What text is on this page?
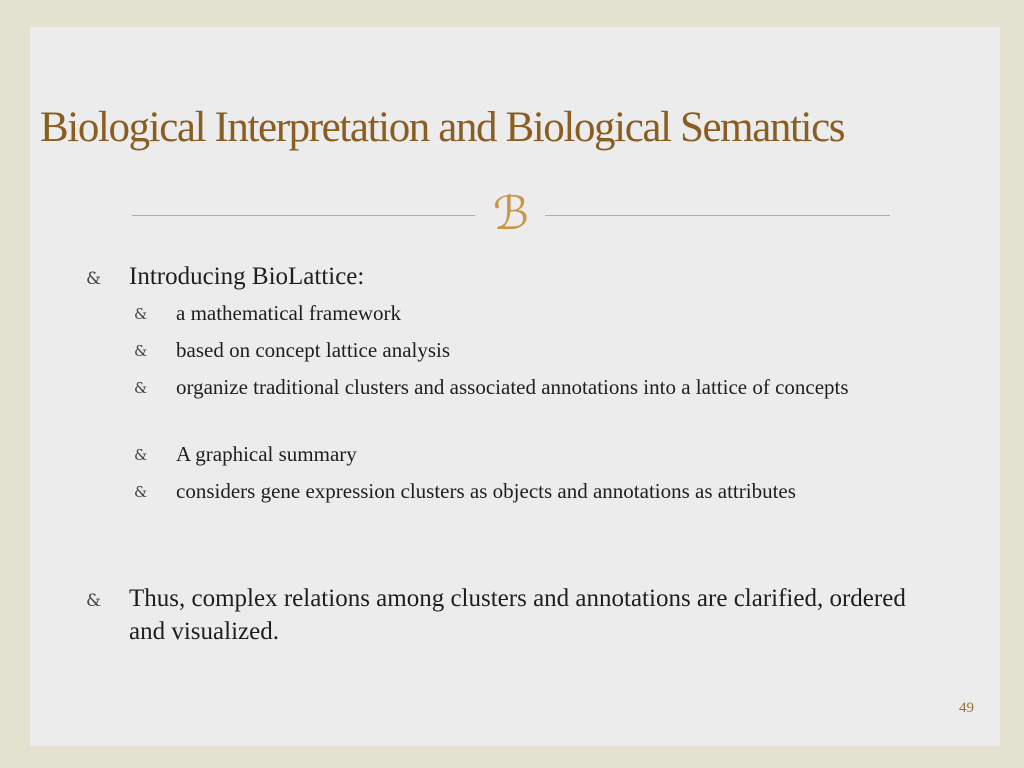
Biological Interpretation and Biological Semantics
ℬ
& Introducing BioLattice:
& a mathematical framework
& based on concept lattice analysis
& organize traditional clusters and associated annotations into a lattice of concepts
& A graphical summary
& considers gene expression clusters as objects and annotations as attributes
& Thus, complex relations among clusters and annotations are clarified, ordered and visualized.
49
